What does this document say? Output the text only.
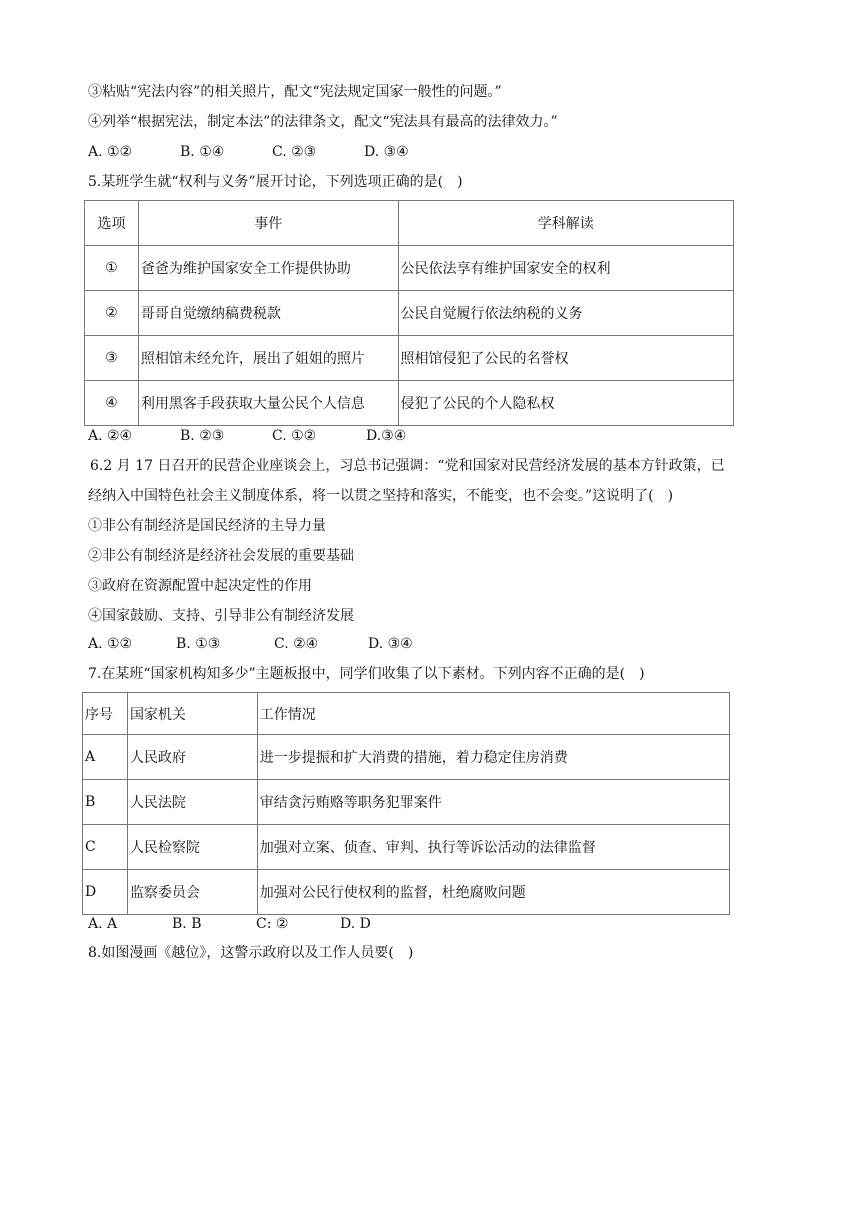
③粘贴“宪法内容”的相关照片，配文“宪法规定国家一般性的问题。”
④列举“根据宪法，制定本法”的法律条文，配文“宪法具有最高的法律效力。”
A. ①②	B. ①④	C. ②③	D. ③④
5.某班学生就“权利与义务”展开讨论，下列选项正确的是(　)
选项	事件	学科解读
①	爸爸为维护国家安全工作提供协助	公民依法享有维护国家安全的权利
②	哥哥自觉缴纳稿费税款	公民自觉履行依法纳税的义务
③	照相馆未经允许，展出了姐姐的照片	照相馆侵犯了公民的名誉权
④	利用黑客手段获取大量公民个人信息	侵犯了公民的个人隐私权
A. ②④	B. ②③	C. ①②	D.③④
6.2 月 17 日召开的民营企业座谈会上，习总书记强调：“党和国家对民营经济发展的基本方针政策，已
经纳入中国特色社会主义制度体系，将一以贯之坚持和落实，不能变，也不会变。”这说明了(　)
①非公有制经济是国民经济的主导力量
②非公有制经济是经济社会发展的重要基础
③政府在资源配置中起决定性的作用
④国家鼓励、支持、引导非公有制经济发展
A. ①②	B. ①③	C. ②④	D. ③④
7.在某班“国家机构知多少”主题板报中，同学们收集了以下素材。下列内容不正确的是(　)
序号	国家机关	工作情况
A	人民政府	进一步提振和扩大消费的措施，着力稳定住房消费
B	人民法院	审结贪污贿赂等职务犯罪案件
C	人民检察院	加强对立案、侦查、审判、执行等诉讼活动的法律监督
D	监察委员会	加强对公民行使权利的监督，杜绝腐败问题
A. A	B. B	C: ②	D. D
8.如图漫画《越位》，这警示政府以及工作人员要(　)
